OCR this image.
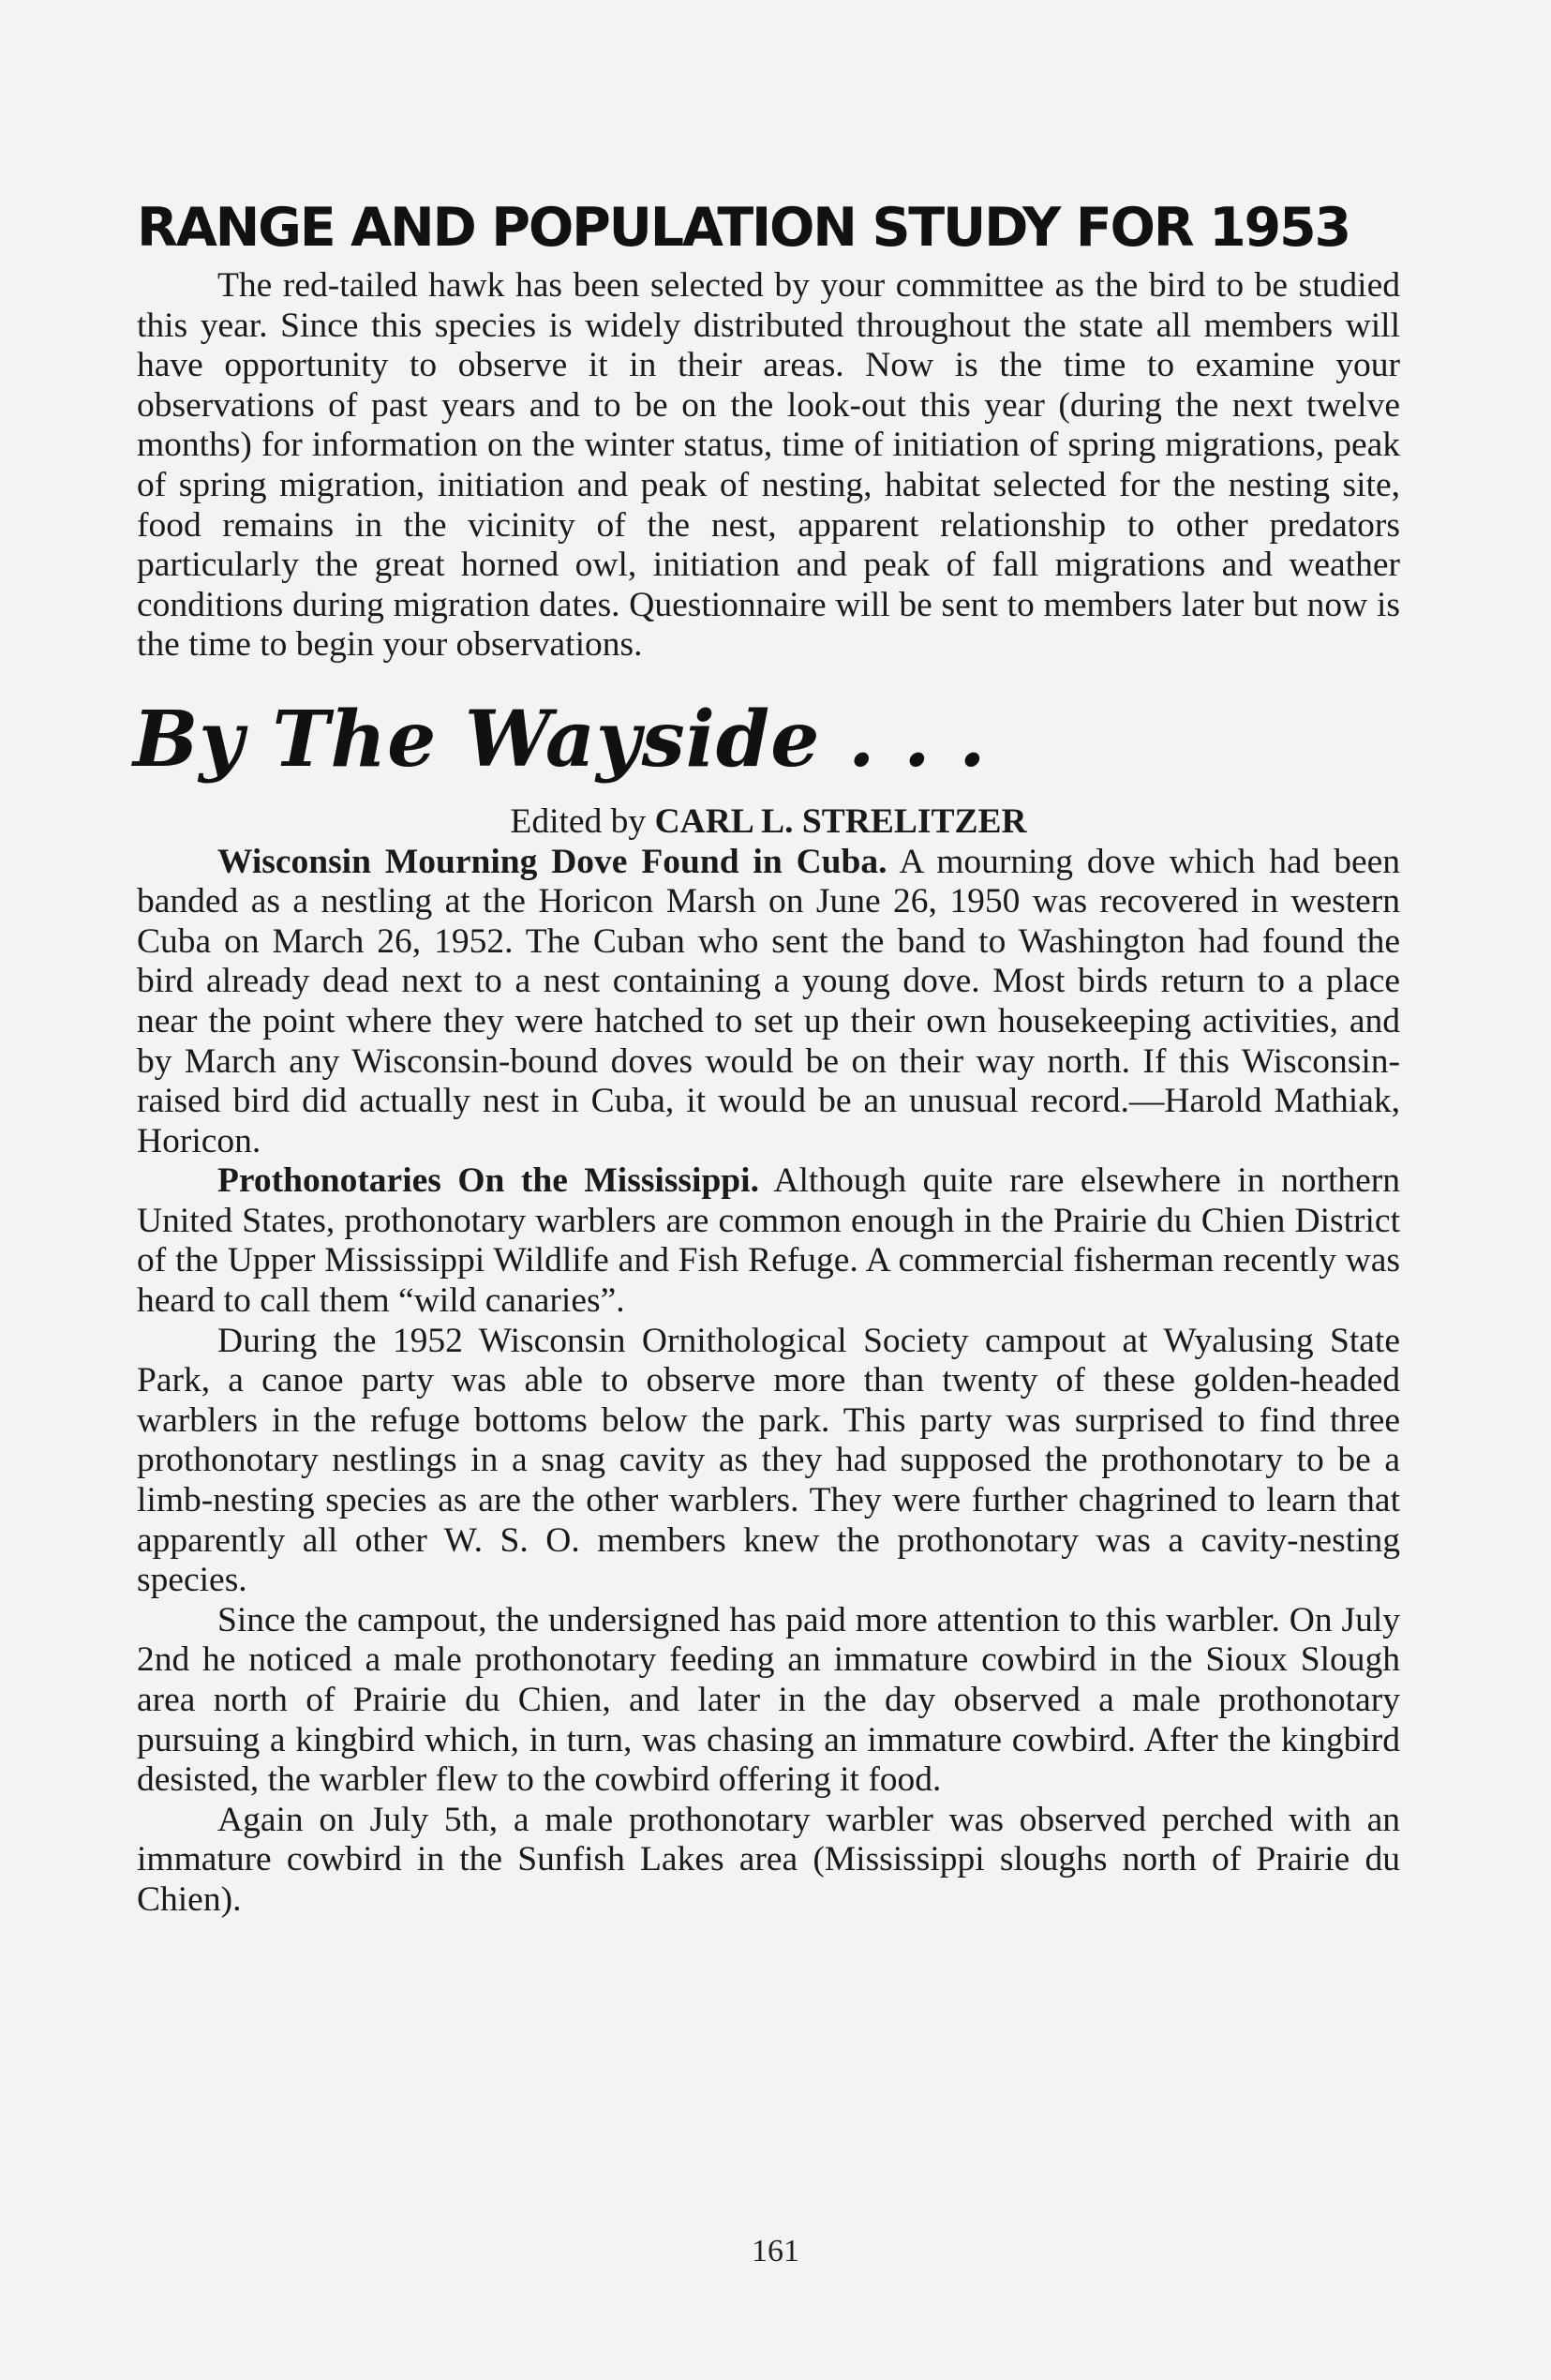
RANGE AND POPULATION STUDY FOR 1953

The red-tailed hawk has been selected by your committee as the bird to be studied this year. Since this species is widely distributed throughout the state all members will have opportunity to observe it in their areas. Now is the time to examine your observations of past years and to be on the look-out this year (during the next twelve months) for information on the winter status, time of initiation of spring migrations, peak of spring migration, initiation and peak of nesting, habitat selected for the nesting site, food remains in the vicinity of the nest, apparent relationship to other predators particularly the great horned owl, initiation and peak of fall migrations and weather conditions during migration dates. Questionnaire will be sent to members later but now is the time to begin your observations.

By The Wayside . . .
Edited by CARL L. STRELITZER

Wisconsin Mourning Dove Found in Cuba. A mourning dove which had been banded as a nestling at the Horicon Marsh on June 26, 1950 was recovered in western Cuba on March 26, 1952. The Cuban who sent the band to Washington had found the bird already dead next to a nest containing a young dove. Most birds return to a place near the point where they were hatched to set up their own housekeeping activities, and by March any Wisconsin-bound doves would be on their way north. If this Wisconsin-raised bird did actually nest in Cuba, it would be an unusual record.—Harold Mathiak, Horicon.

Prothonotaries On the Mississippi. Although quite rare elsewhere in northern United States, prothonotary warblers are common enough in the Prairie du Chien District of the Upper Mississippi Wildlife and Fish Refuge. A commercial fisherman recently was heard to call them “wild canaries”.

During the 1952 Wisconsin Ornithological Society campout at Wyalusing State Park, a canoe party was able to observe more than twenty of these golden-headed warblers in the refuge bottoms below the park. This party was surprised to find three prothonotary nestlings in a snag cavity as they had supposed the prothonotary to be a limb-nesting species as are the other warblers. They were further chagrined to learn that apparently all other W. S. O. members knew the prothonotary was a cavity-nesting species.

Since the campout, the undersigned has paid more attention to this warbler. On July 2nd he noticed a male prothonotary feeding an immature cowbird in the Sioux Slough area north of Prairie du Chien, and later in the day observed a male prothonotary pursuing a kingbird which, in turn, was chasing an immature cowbird. After the kingbird desisted, the warbler flew to the cowbird offering it food.

Again on July 5th, a male prothonotary warbler was observed perched with an immature cowbird in the Sunfish Lakes area (Mississippi sloughs north of Prairie du Chien).

161
